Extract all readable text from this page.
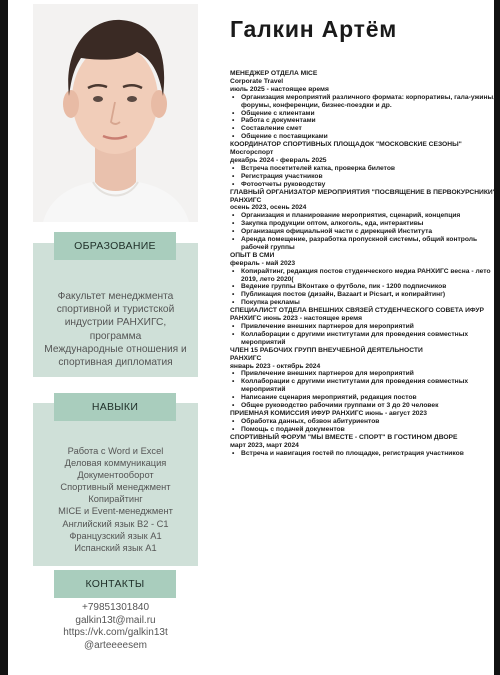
ОБРАЗОВАНИЕ
Факультет менеджмента
спортивной и туристской
индустрии РАНХИГС, программа
Международные отношения и
спортивная дипломатия
НАВЫКИ
Работа с Word и Excel
Деловая коммуникация
Документооборот
Спортивный менеджмент
Копирайтинг
MICE и Event-менеджмент
Английский язык B2 - C1
Французский язык A1
Испанский язык A1
КОНТАКТЫ
+79851301840
galkin13t@mail.ru
https://vk.com/galkin13t
@arteeeesem
Галкин Артём
МЕНЕДЖЕР ОТДЕЛА MICE
Corporate Travel
июль 2025 - настоящее время
• Организация мероприятий различного формата: корпоративы, гала-ужины, форумы, конференции, бизнес-поездки и др.
• Общение с клиентами
• Работа с документами
• Составление смет
• Общение с поставщиками
КООРДИНАТОР СПОРТИВНЫХ ПЛОЩАДОК "МОСКОВСКИЕ СЕЗОНЫ"
Мосгорспорт
декабрь 2024 - февраль 2025
• Встреча посетителей катка, проверка билетов
• Регистрация участников
• Фотоотчеты руководству
ГЛАВНЫЙ ОРГАНИЗАТОР МЕРОПРИЯТИЯ "ПОСВЯЩЕНИЕ В ПЕРВОКУРСНИКИ"
РАНХИГС
осень 2023, осень 2024
• Организация и планирование мероприятия, сценарий, концепция
• Закупка продукции оптом, алкоголь, еда, интерактивы
• Организация официальной части с дирекцией Института
• Аренда помещение, разработка пропускной системы, общий контроль рабочей группы
ОПЫТ В СМИ
февраль - май 2023
• Копирайтинг, редакция постов студенческого медиа РАНХИГС весна - лето 2019, лето 2020(
• Ведение группы ВКонтаке о футболе, пик - 1200 подписчиков
• Публикация постов (дизайн, Bazaart и Picsart, и копирайтинг)
• Покупка рекламы
СПЕЦИАЛИСТ ОТДЕЛА ВНЕШНИХ СВЯЗЕЙ СТУДЕНЧЕСКОГО СОВЕТА ИФУР РАНХИГС июнь 2023 - настоящее время
• Привлечение внешних партнеров для мероприятий
• Коллаборации с другими институтами для проведения совместных мероприятий
ЧЛЕН 15 РАБОЧИХ ГРУПП ВНЕУЧЕБНОЙ ДЕЯТЕЛЬНОСТИ
РАНХИГС
январь 2023 - октябрь 2024
• Привлечение внешних партнеров для мероприятий
• Коллаборации с другими институтами для проведения совместных мероприятий
• Написание сценария мероприятий, редакция постов
• Общее руководство рабочими группами от 3 до 20 человек
ПРИЕМНАЯ КОМИССИЯ ИФУР РАНХИГС июнь - август 2023
• Обработка данных, обзвон абитуриентов
• Помощь с подачей документов
СПОРТИВНЫЙ ФОРУМ "МЫ ВМЕСТЕ - СПОРТ" В ГОСТИНОМ ДВОРЕ
март 2023, март 2024
• Встреча и навигация гостей по площадке, регистрация участников
